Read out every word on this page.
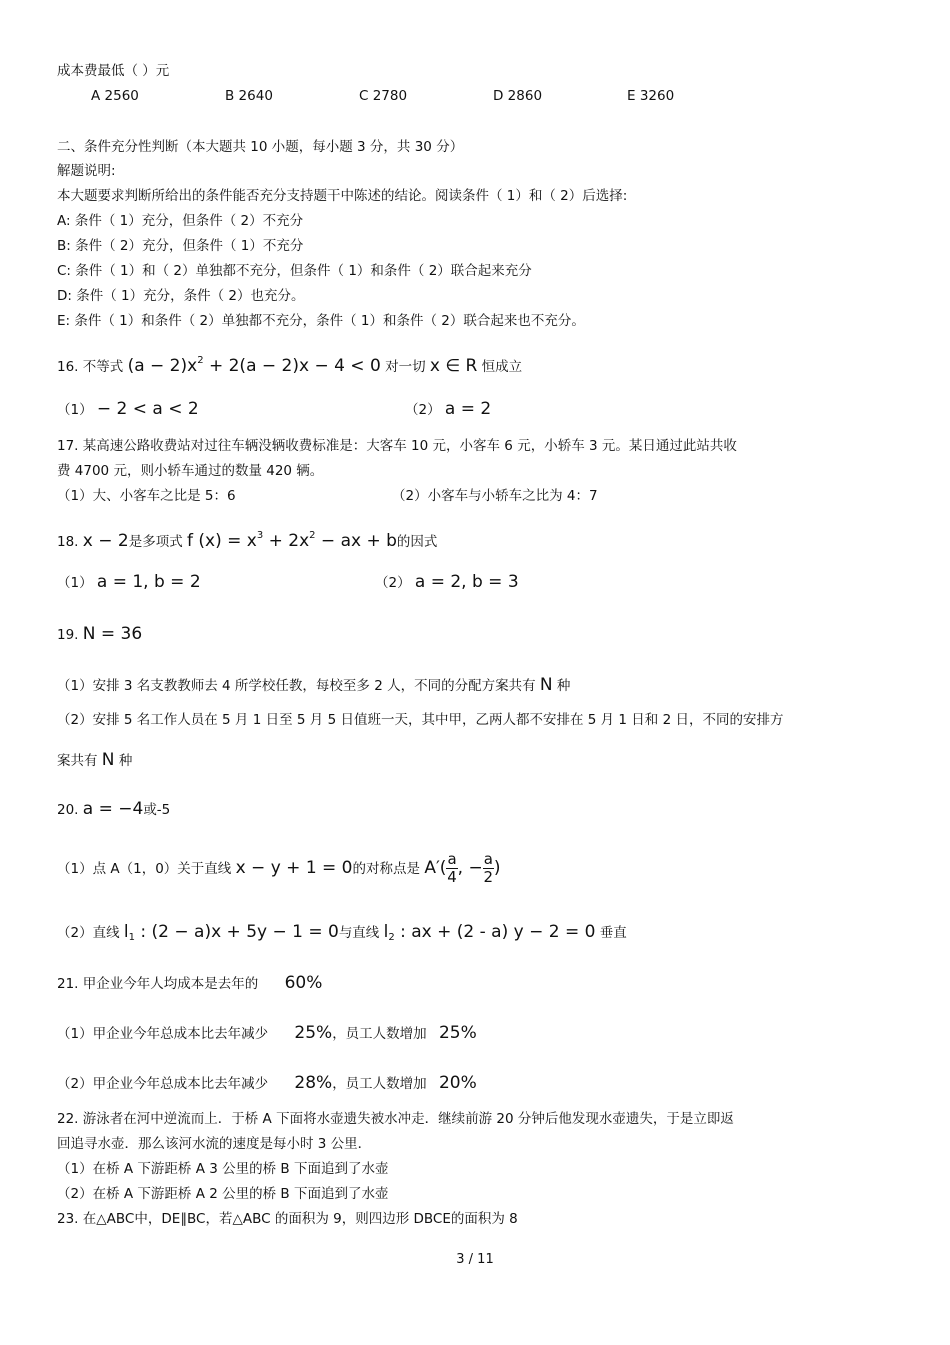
成本费最低（ ）元
A 2560	B 2640	C 2780	D 2860	E 3260
二、条件充分性判断（本大题共 10 小题，每小题 3 分，共 30 分）
解题说明:
本大题要求判断所给出的条件能否充分支持题干中陈述的结论。阅读条件（ 1）和（ 2）后选择:
A: 条件（ 1）充分，但条件（ 2）不充分
B: 条件（ 2）充分，但条件（ 1）不充分
C: 条件（ 1）和（ 2）单独都不充分，但条件（ 1）和条件（ 2）联合起来充分
D: 条件（ 1）充分，条件（ 2）也充分。
E: 条件（ 1）和条件（ 2）单独都不充分，条件（ 1）和条件（ 2）联合起来也不充分。
16. 不等式 $(a - 2)x^2 + 2(a - 2)x - 4 < 0$ 对一切 x ∈ R 恒成立
（1） − 2 < a < 2	（2） a = 2
17. 某高速公路收费站对过往车辆没辆收费标准是：大客车 10 元，小客车 6 元，小轿车 3 元。某日通过此站共收
费 4700 元，则小轿车通过的数量 420 辆。
（1）大、小客车之比是 5：6	（2）小客车与小轿车之比为 4：7
18. x − 2是多项式 f $(x) = x^3 + 2x^2$ − ax + b的因式
（1） a = 1, b = 2	（2） a = 2, b = 3
19. N = 36
（1）安排 3 名支教教师去 4 所学校任教，每校至多 2 人，不同的分配方案共有 N 种
（2）安排 5 名工作人员在 5 月 1 日至 5 月 5 日值班一天，其中甲，乙两人都不安排在 5 月 1 日和 2 日，不同的安排方
案共有 N 种
20. a = −4或-5
（1）点 A（1，0）关于直线 x − y + 1 = 0的对称点是 $A'( \frac{a}{4}$ , − $\frac{a}{2}$ )
（2）直线 $l_1$ : (2 − a)x + 5y − 1 = 0与直线 $l_2$ : ax + (2 - a) y − 2 = 0 垂直
21. 甲企业今年人均成本是去年的 60%
（1）甲企业今年总成本比去年减少 25%，员工人数增加 25%
（2）甲企业今年总成本比去年减少 28%，员工人数增加 20%
22. 游泳者在河中逆流而上．于桥 A 下面将水壶遗失被水冲走．继续前游 20 分钟后他发现水壶遗失，于是立即返
回追寻水壶．那么该河水流的速度是每小时 3 公里．
（1）在桥 A 下游距桥 A 3 公里的桥 B 下面追到了水壶
（2）在桥 A 下游距桥 A 2 公里的桥 B 下面追到了水壶
23. 在△ABC中，DE∥BC，若△ABC 的面积为 9，则四边形 DBCE的面积为 8
3 / 11
